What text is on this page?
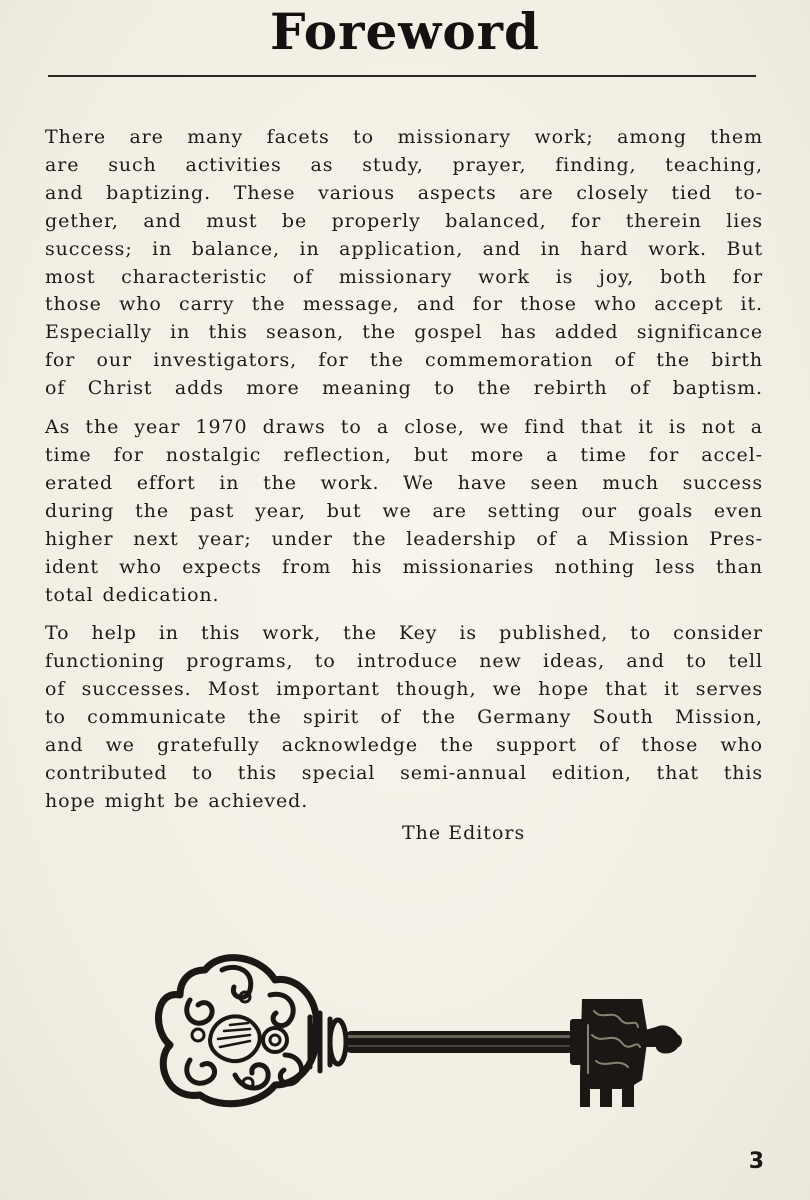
Foreword
There are many facets to missionary work; among them
are such activities as study, prayer, finding, teaching,
and baptizing. These various aspects are closely tied to-
gether, and must be properly balanced, for therein lies
success; in balance, in application, and in hard work. But
most characteristic of missionary work is joy, both for
those who carry the message, and for those who accept it.
Especially in this season, the gospel has added significance
for our investigators, for the commemoration of the birth
of Christ adds more meaning to the rebirth of baptism.
As the year 1970 draws to a close, we find that it is not a
time for nostalgic reflection, but more a time for accel-
erated effort in the work. We have seen much success
during the past year, but we are setting our goals even
higher next year; under the leadership of a Mission Pres-
ident who expects from his missionaries nothing less than
total dedication.
To help in this work, the Key is published, to consider
functioning programs, to introduce new ideas, and to tell
of successes. Most important though, we hope that it serves
to communicate the spirit of the Germany South Mission,
and we gratefully acknowledge the support of those who
contributed to this special semi-annual edition, that this
hope might be achieved.
The Editors
3
